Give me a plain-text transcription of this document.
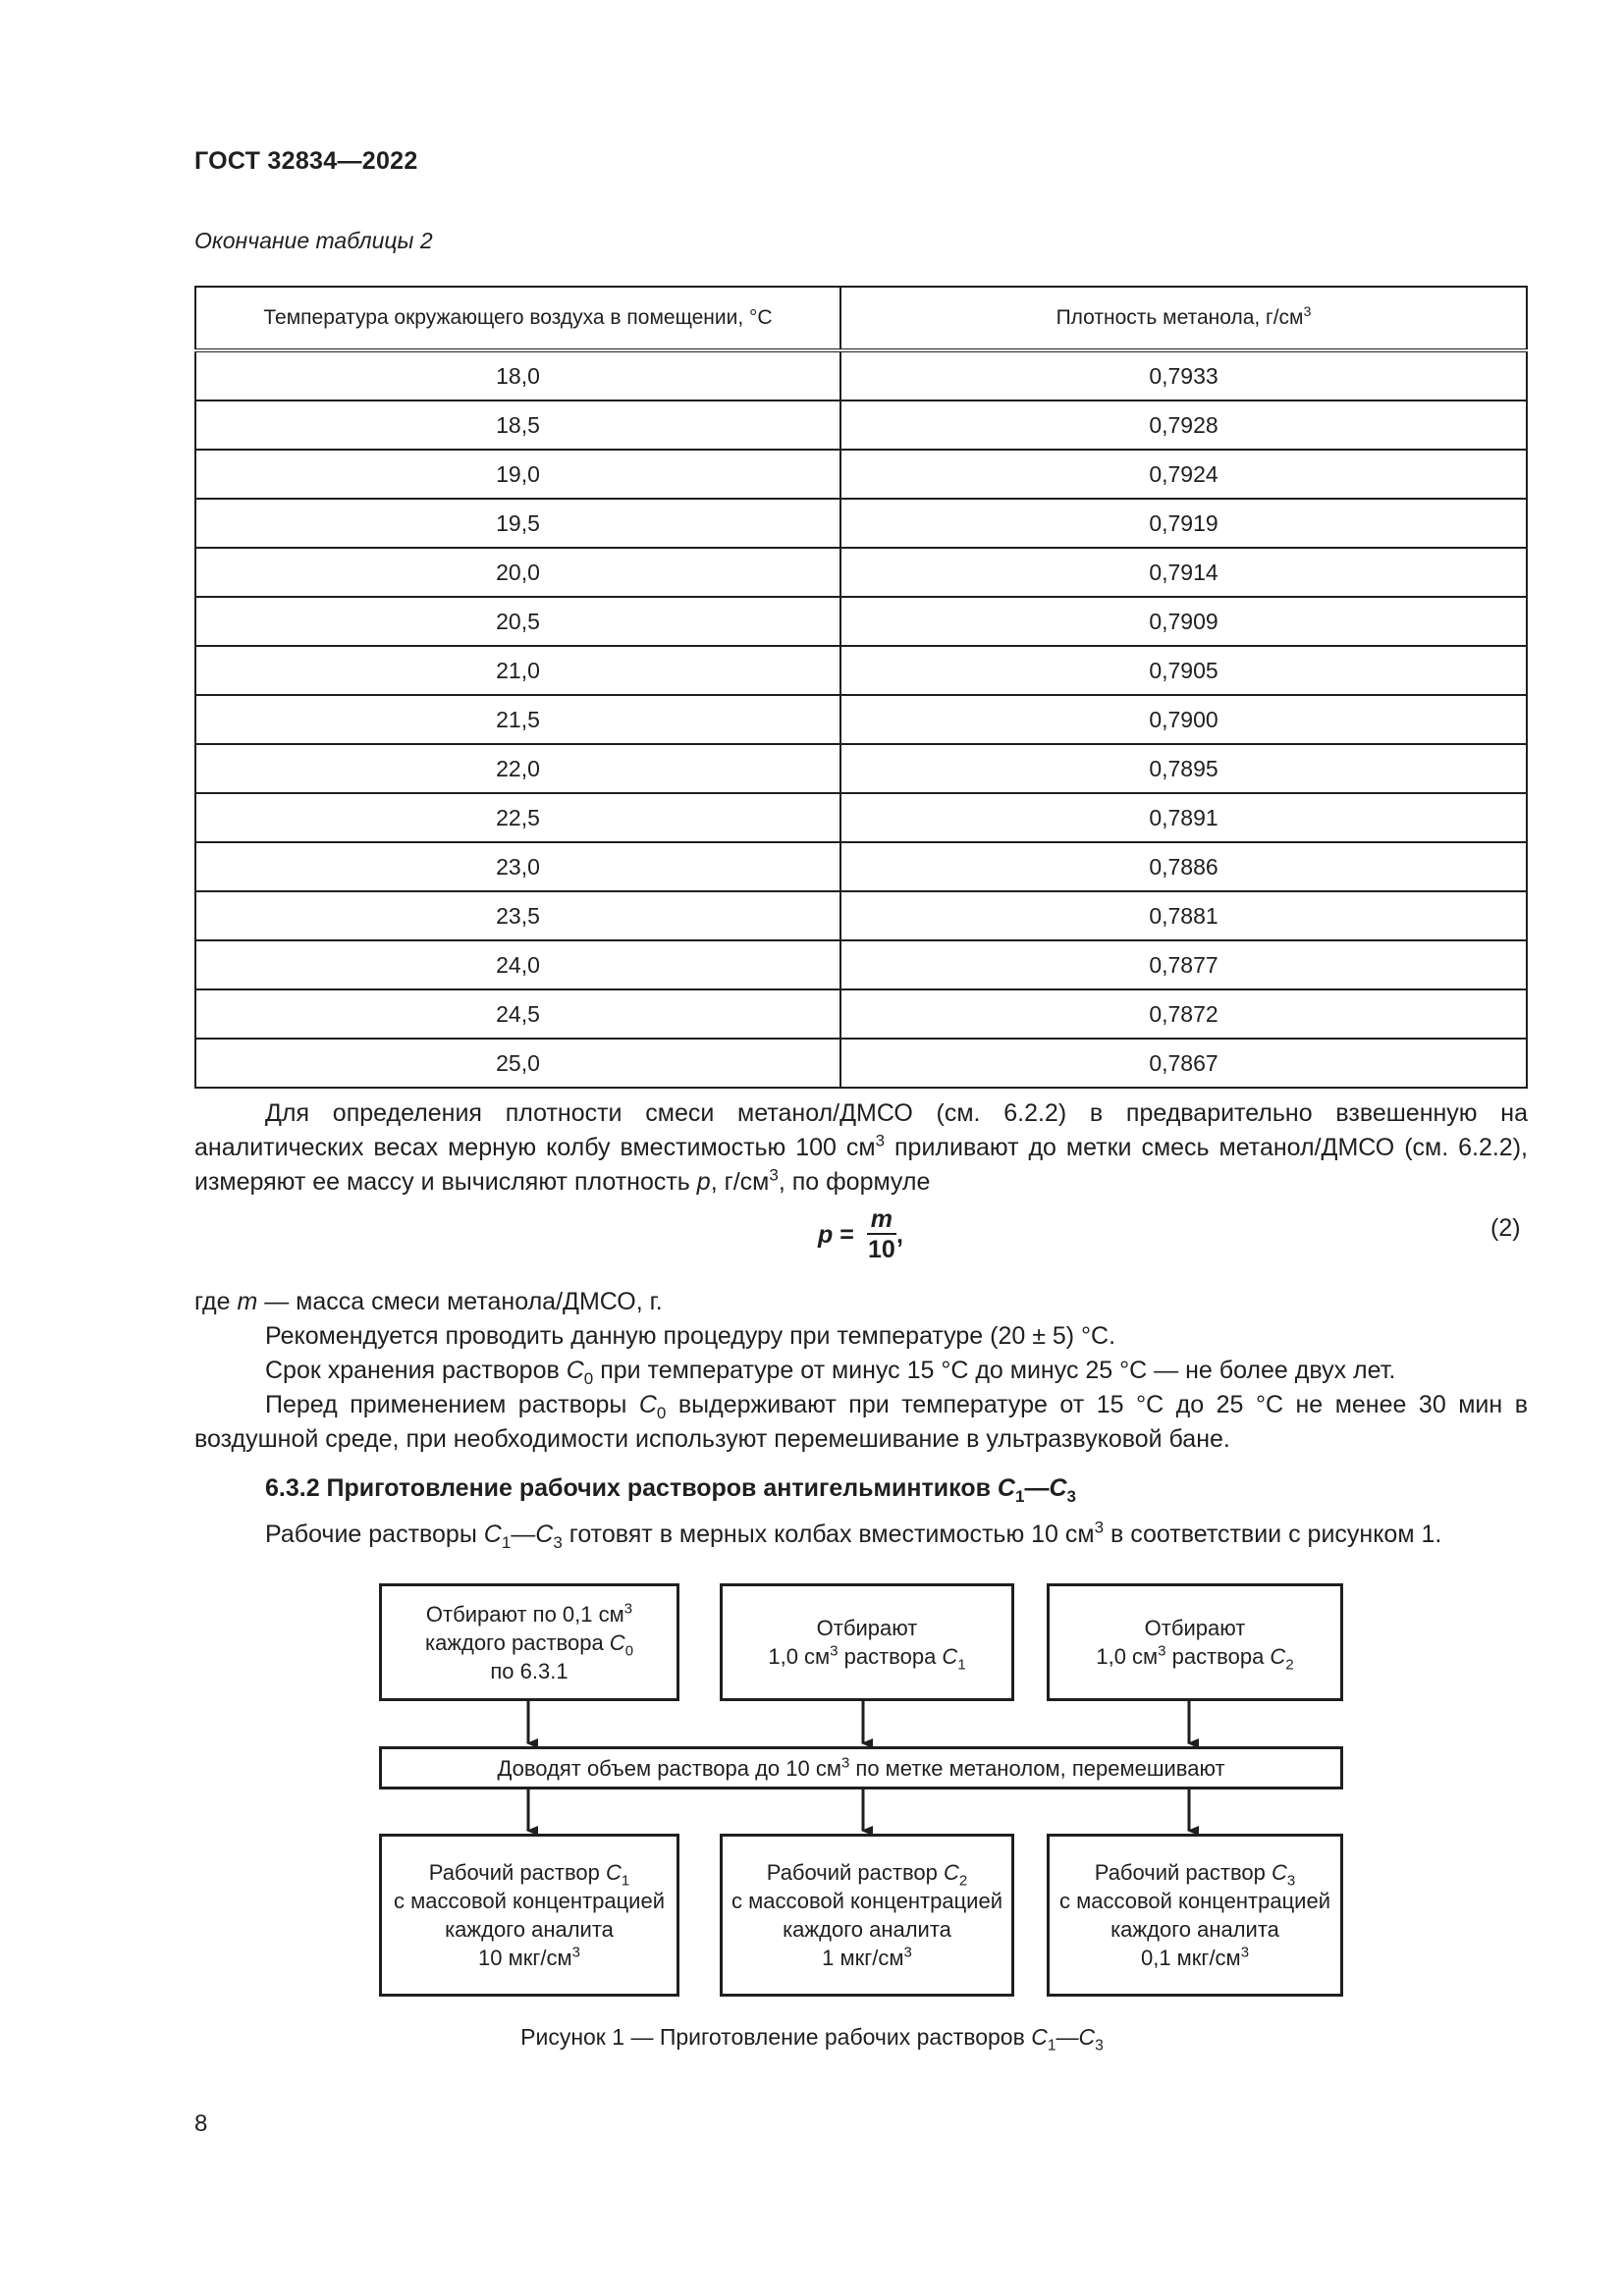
ГОСТ 32834—2022
Окончание таблицы 2
Температура окружающего воздуха в помещении, °С	Плотность метанола, $г/см^3$
18,0	0,7933
18,5	0,7928
19,0	0,7924
19,5	0,7919
20,0	0,7914
20,5	0,7909
21,0	0,7905
21,5	0,7900
22,0	0,7895
22,5	0,7891
23,0	0,7886
23,5	0,7881
24,0	0,7877
24,5	0,7872
25,0	0,7867
Для определения плотности смеси метанол/ДМСО (см. 6.2.2) в предварительно взвешенную на аналитических весах мерную колбу вместимостью 100 $см^3$ приливают до метки смесь метанол/ДМСО (см. 6.2.2), измеряют ее массу и вычисляют плотность p, $г/см^3$, по формуле
$p = \frac{m}{10}$ ,	(2)
где m — масса смеси метанола/ДМСО, г.
Рекомендуется проводить данную процедуру при температуре (20 ± 5) °С.
Срок хранения растворов $C_0$ при температуре от минус 15 °С до минус 25 °С — не более двух лет.
Перед применением растворы $C_0$ выдерживают при температуре от 15 °С до 25 °С не менее 30 мин в воздушной среде, при необходимости используют перемешивание в ультразвуковой бане.
6.3.2 Приготовление рабочих растворов антигельминтиков $C_1—C_3$
Рабочие растворы $C_1—C_3$ готовят в мерных колбах вместимостью 10 $см^3$ в соответствии с рисунком 1.
Отбирают по 0,1 $см^3$
каждого раствора $C_0$
по 6.3.1
Отбирают
1,0 $см^3$ раствора $C_1$
Отбирают
1,0 $см^3$ раствора $C_2$
Доводят объем раствора до 10 $см^3$ по метке метанолом, перемешивают
Рабочий раствор $C_1$
с массовой концентрацией
каждого аналита
10 мкг/$см^3$
Рабочий раствор $C_2$
с массовой концентрацией
каждого аналита
1 мкг/$см^3$
Рабочий раствор $C_3$
с массовой концентрацией
каждого аналита
0,1 мкг/$см^3$
Рисунок 1 — Приготовление рабочих растворов $C_1—C_3$
8
